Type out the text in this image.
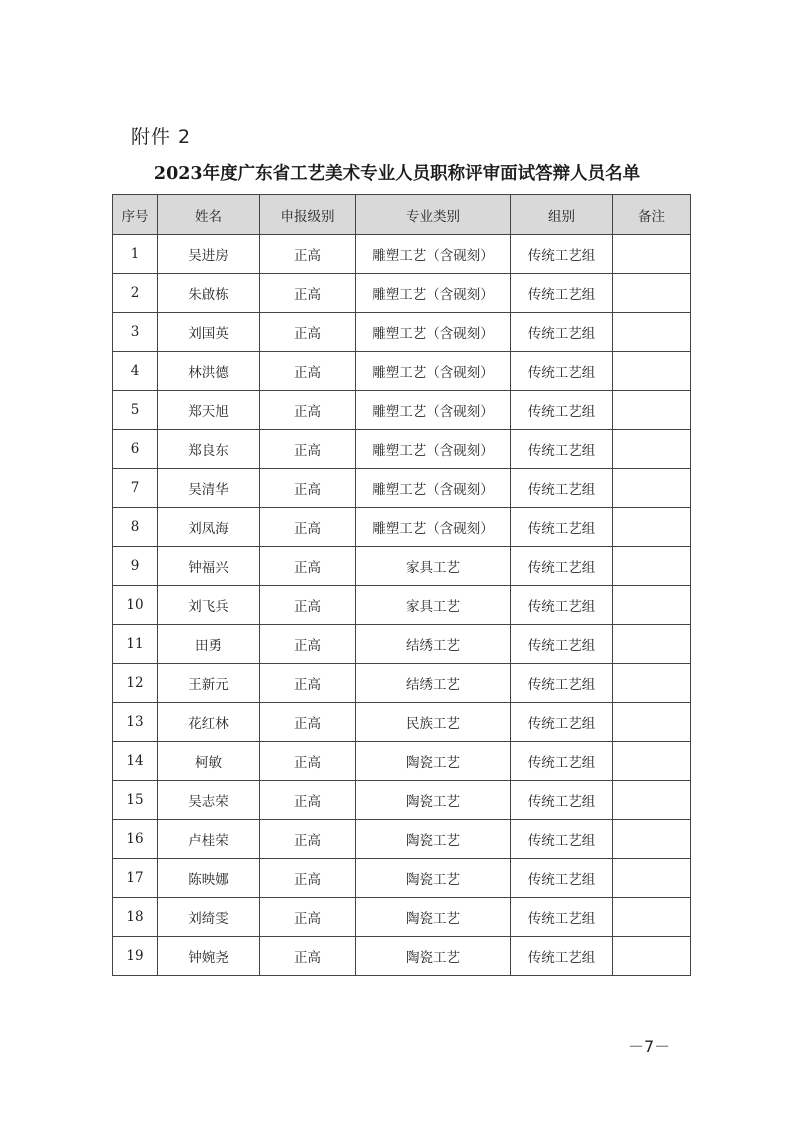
附件 2
2023年度广东省工艺美术专业人员职称评审面试答辩人员名单
序号	姓名	申报级别	专业类别	组别	备注
1	吴进房	正高	雕塑工艺（含砚刻）	传统工艺组	
2	朱啟栋	正高	雕塑工艺（含砚刻）	传统工艺组	
3	刘国英	正高	雕塑工艺（含砚刻）	传统工艺组	
4	林洪德	正高	雕塑工艺（含砚刻）	传统工艺组	
5	郑天旭	正高	雕塑工艺（含砚刻）	传统工艺组	
6	郑良东	正高	雕塑工艺（含砚刻）	传统工艺组	
7	吴清华	正高	雕塑工艺（含砚刻）	传统工艺组	
8	刘凤海	正高	雕塑工艺（含砚刻）	传统工艺组	
9	钟福兴	正高	家具工艺	传统工艺组	
10	刘飞兵	正高	家具工艺	传统工艺组	
11	田勇	正高	结绣工艺	传统工艺组	
12	王新元	正高	结绣工艺	传统工艺组	
13	花红林	正高	民族工艺	传统工艺组	
14	柯敏	正高	陶瓷工艺	传统工艺组	
15	吴志荣	正高	陶瓷工艺	传统工艺组	
16	卢桂荣	正高	陶瓷工艺	传统工艺组	
17	陈映娜	正高	陶瓷工艺	传统工艺组	
18	刘绮雯	正高	陶瓷工艺	传统工艺组	
19	钟婉尧	正高	陶瓷工艺	传统工艺组	
－7－
